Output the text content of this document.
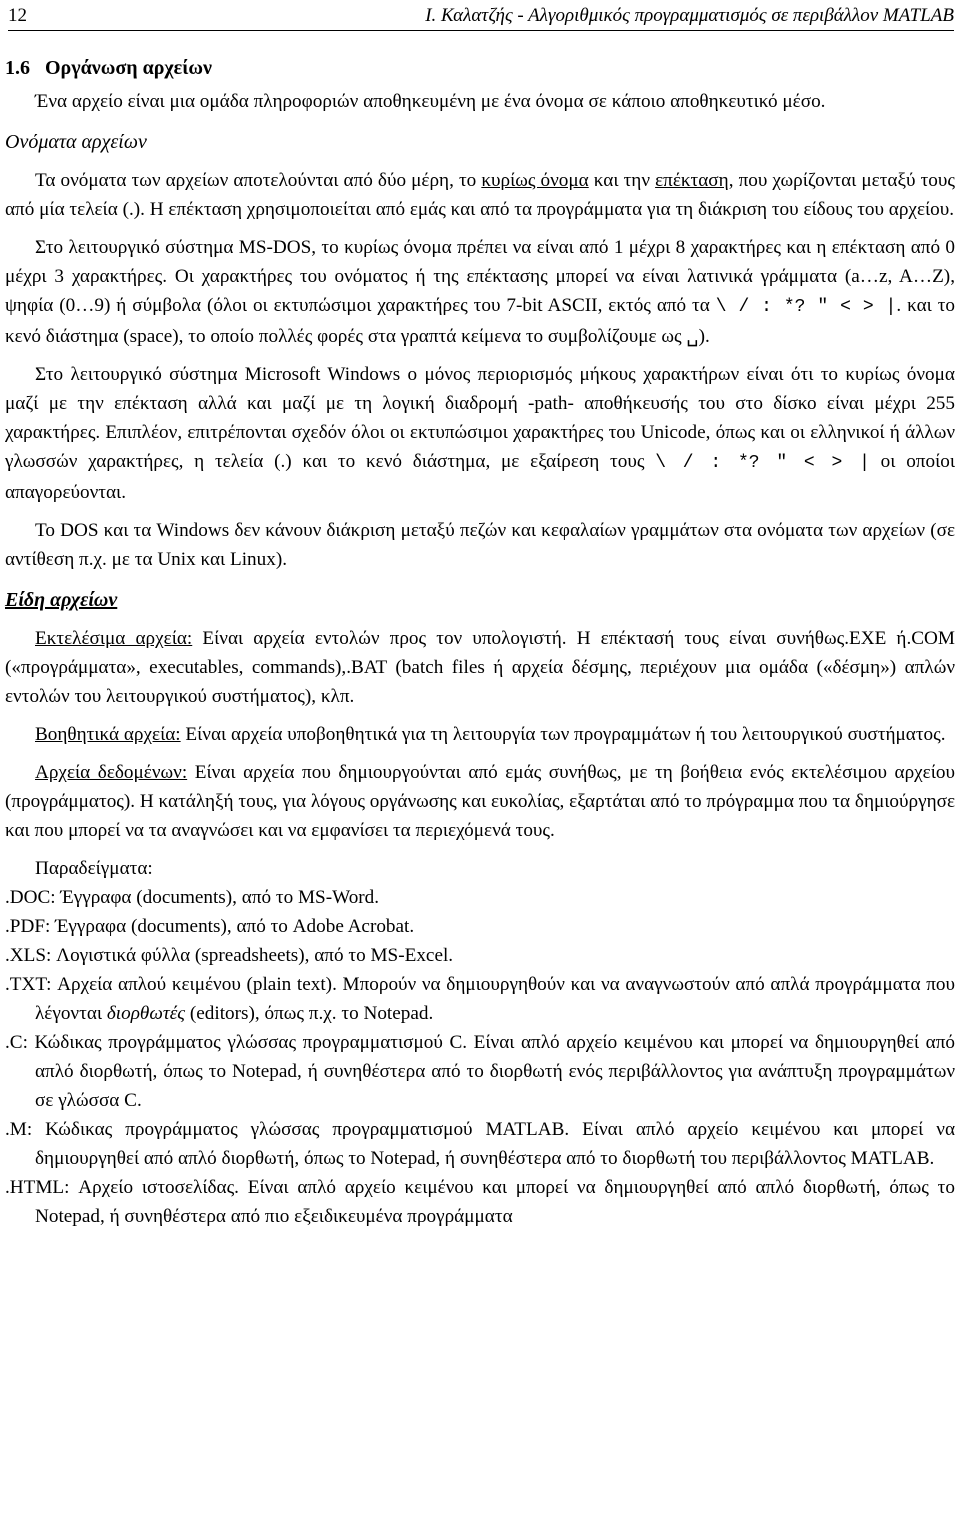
12	Ι. Καλατζής - Αλγοριθμικός προγραμματισμός σε περιβάλλον MATLAB

1.6 Οργάνωση αρχείων

Ένα αρχείο είναι μια ομάδα πληροφοριών αποθηκευμένη με ένα όνομα σε κάποιο αποθηκευτικό μέσο.

Ονόματα αρχείων

Τα ονόματα των αρχείων αποτελούνται από δύο μέρη, το κυρίως όνομα και την επέκταση, που χωρίζονται μεταξύ τους από μία τελεία (.). Η επέκταση χρησιμοποιείται από εμάς και από τα προγράμματα για τη διάκριση του είδους του αρχείου.

Στο λειτουργικό σύστημα MS-DOS, το κυρίως όνομα πρέπει να είναι από 1 μέχρι 8 χαρακτήρες και η επέκταση από 0 μέχρι 3 χαρακτήρες. Οι χαρακτήρες του ονόματος ή της επέκτασης μπορεί να είναι λατινικά γράμματα (a…z, A…Z), ψηφία (0…9) ή σύμβολα (όλοι οι εκτυπώσιμοι χαρακτήρες του 7-bit ASCII, εκτός από τα \ / : *? " < > |. και το κενό διάστημα (space), το οποίο πολλές φορές στα γραπτά κείμενα το συμβολίζουμε ως ␣).

Στο λειτουργικό σύστημα Microsoft Windows ο μόνος περιορισμός μήκους χαρακτήρων είναι ότι το κυρίως όνομα μαζί με την επέκταση αλλά και μαζί με τη λογική διαδρομή -path- αποθήκευσής του στο δίσκο είναι μέχρι 255 χαρακτήρες. Επιπλέον, επιτρέπονται σχεδόν όλοι οι εκτυπώσιμοι χαρακτήρες του Unicode, όπως και οι ελληνικοί ή άλλων γλωσσών χαρακτήρες, η τελεία (.) και το κενό διάστημα, με εξαίρεση τους \ / : *? " < > | οι οποίοι απαγορεύονται.

Το DOS και τα Windows δεν κάνουν διάκριση μεταξύ πεζών και κεφαλαίων γραμμάτων στα ονόματα των αρχείων (σε αντίθεση π.χ. με τα Unix και Linux).

Είδη αρχείων

Εκτελέσιμα αρχεία: Είναι αρχεία εντολών προς τον υπολογιστή. Η επέκτασή τους είναι συνήθως.EXE ή.COM («προγράμματα», executables, commands),.BAT (batch files ή αρχεία δέσμης, περιέχουν μια ομάδα («δέσμη») απλών εντολών του λειτουργικού συστήματος), κλπ.

Βοηθητικά αρχεία: Είναι αρχεία υποβοηθητικά για τη λειτουργία των προγραμμάτων ή του λειτουργικού συστήματος.

Αρχεία δεδομένων: Είναι αρχεία που δημιουργούνται από εμάς συνήθως, με τη βοήθεια ενός εκτελέσιμου αρχείου (προγράμματος). Η κατάληξή τους, για λόγους οργάνωσης και ευκολίας, εξαρτάται από το πρόγραμμα που τα δημιούργησε και που μπορεί να τα αναγνώσει και να εμφανίσει τα περιεχόμενά τους.

Παραδείγματα:

.DOC: Έγγραφα (documents), από το MS-Word.

.PDF: Έγγραφα (documents), από το Adobe Acrobat.

.XLS: Λογιστικά φύλλα (spreadsheets), από το MS-Excel.

.TXT: Αρχεία απλού κειμένου (plain text). Μπορούν να δημιουργηθούν και να αναγνωστούν από απλά προγράμματα που λέγονται διορθωτές (editors), όπως π.χ. το Notepad.

.C: Κώδικας προγράμματος γλώσσας προγραμματισμού C. Είναι απλό αρχείο κειμένου και μπορεί να δημιουργηθεί από απλό διορθωτή, όπως το Notepad, ή συνηθέστερα από το διορθωτή ενός περιβάλλοντος για ανάπτυξη προγραμμάτων σε γλώσσα C.

.M: Κώδικας προγράμματος γλώσσας προγραμματισμού MATLAB. Είναι απλό αρχείο κειμένου και μπορεί να δημιουργηθεί από απλό διορθωτή, όπως το Notepad, ή συνηθέστερα από το διορθωτή του περιβάλλοντος MATLAB.

.HTML: Αρχείο ιστοσελίδας. Είναι απλό αρχείο κειμένου και μπορεί να δημιουργηθεί από απλό διορθωτή, όπως το Notepad, ή συνηθέστερα από πιο εξειδικευμένα προγράμματα
